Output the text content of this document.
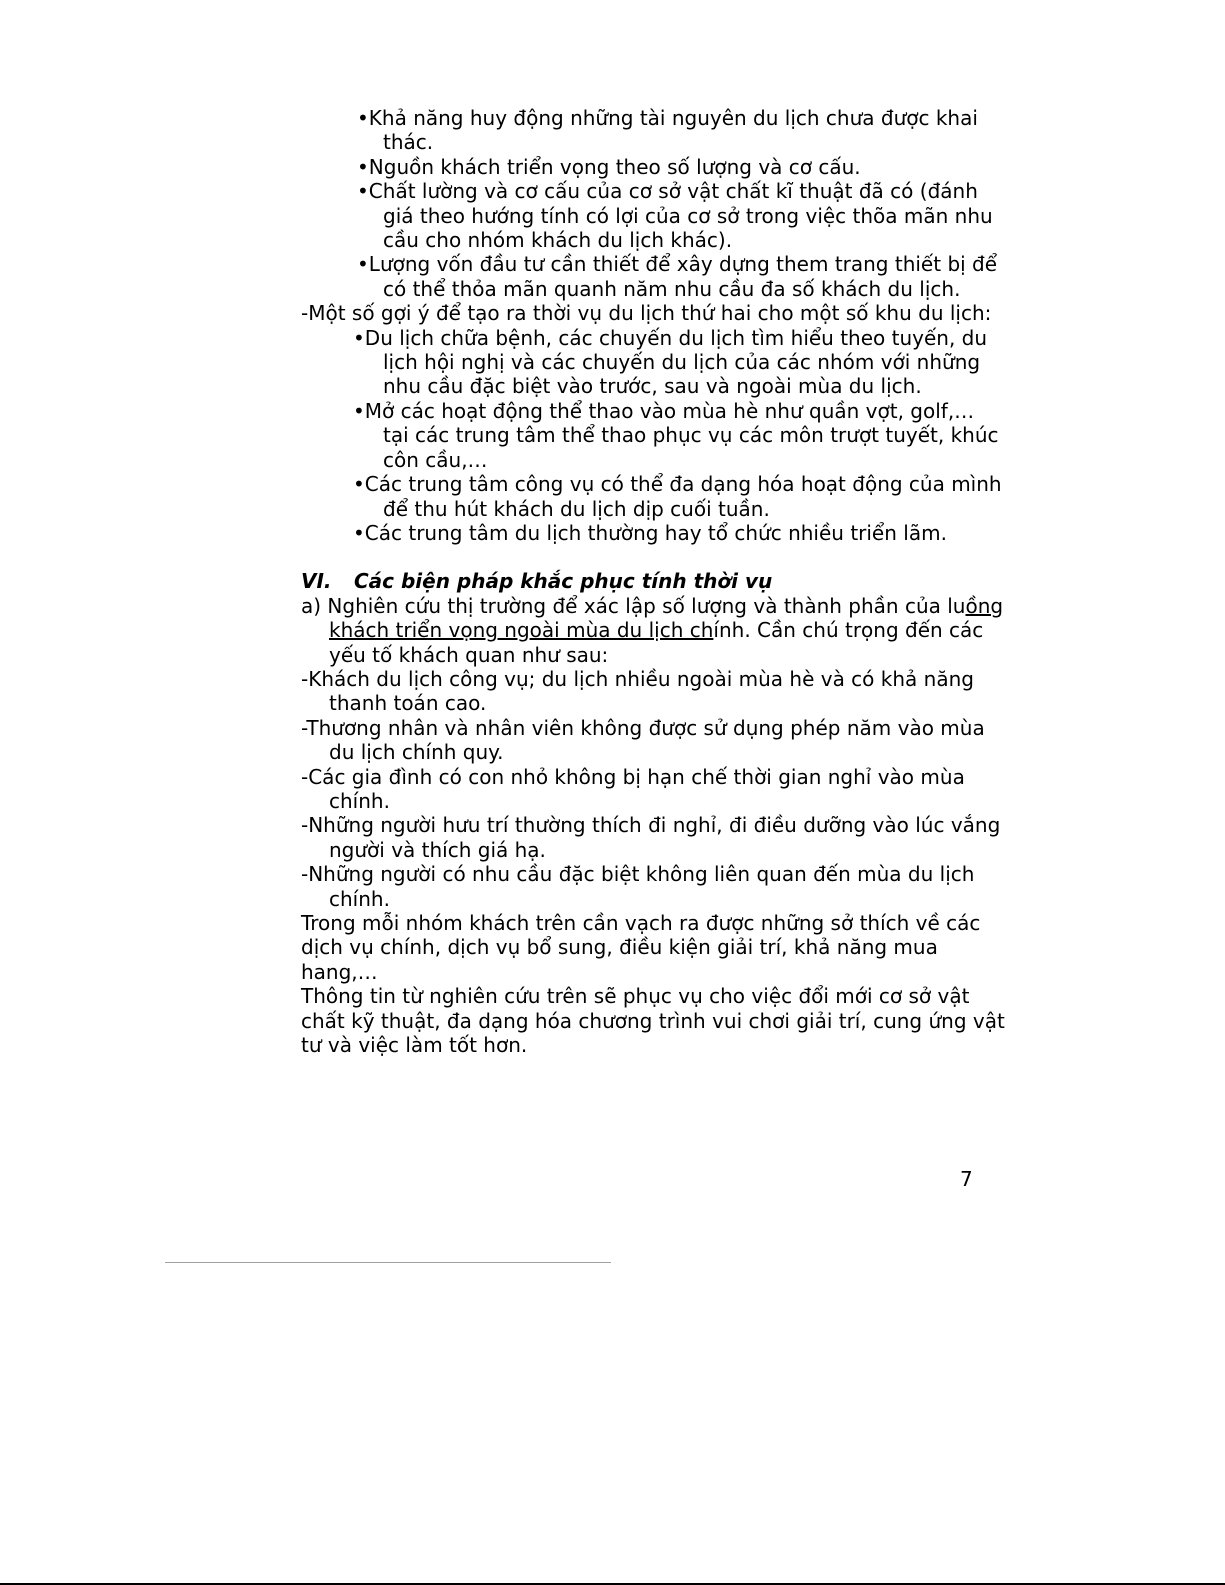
•Khả năng huy động những tài nguyên du lịch chưa được khai thác.
•Nguồn khách triển vọng theo số lượng và cơ cấu.
•Chất lường và cơ cấu của cơ sở vật chất kĩ thuật đã có (đánh giá theo hướng tính có lợi của cơ sở trong việc thõa mãn nhu cầu cho nhóm khách du lịch khác).
•Lượng vốn đầu tư cần thiết để xây dựng them trang thiết bị để có thể thỏa mãn quanh năm nhu cầu đa số khách du lịch.
-Một số gợi ý để tạo ra thời vụ du lịch thứ hai cho một số khu du lịch:
•Du lịch chữa bệnh, các chuyến du lịch tìm hiểu theo tuyến, du lịch hội nghị và các chuyến du lịch của các nhóm với những nhu cầu đặc biệt vào trước, sau và ngoài mùa du lịch.
•Mở các hoạt động thể thao vào mùa hè như quần vợt, golf,… tại các trung tâm thể thao phục vụ các môn trượt tuyết, khúc côn cầu,…
•Các trung tâm công vụ có thể đa dạng hóa hoạt động của mình để thu hút khách du lịch dịp cuối tuần.
•Các trung tâm du lịch thường hay tổ chức nhiều triển lãm.
VI. Các biện pháp khắc phục tính thời vụ
a) Nghiên cứu thị trường để xác lập số lượng và thành phần của luồng khách triển vọng ngoài mùa du lịch chính. Cần chú trọng đến các yếu tố khách quan như sau:
-Khách du lịch công vụ; du lịch nhiều ngoài mùa hè và có khả năng thanh toán cao.
-Thương nhân và nhân viên không được sử dụng phép năm vào mùa du lịch chính quy.
-Các gia đình có con nhỏ không bị hạn chế thời gian nghỉ vào mùa chính.
-Những người hưu trí thường thích đi nghỉ, đi điều dưỡng vào lúc vắng người và thích giá hạ.
-Những người có nhu cầu đặc biệt không liên quan đến mùa du lịch chính.
Trong mỗi nhóm khách trên cần vạch ra được những sở thích về các dịch vụ chính, dịch vụ bổ sung, điều kiện giải trí, khả năng mua hang,…
Thông tin từ nghiên cứu trên sẽ phục vụ cho việc đổi mới cơ sở vật chất kỹ thuật, đa dạng hóa chương trình vui chơi giải trí, cung ứng vật tư và việc làm tốt hơn.
7
